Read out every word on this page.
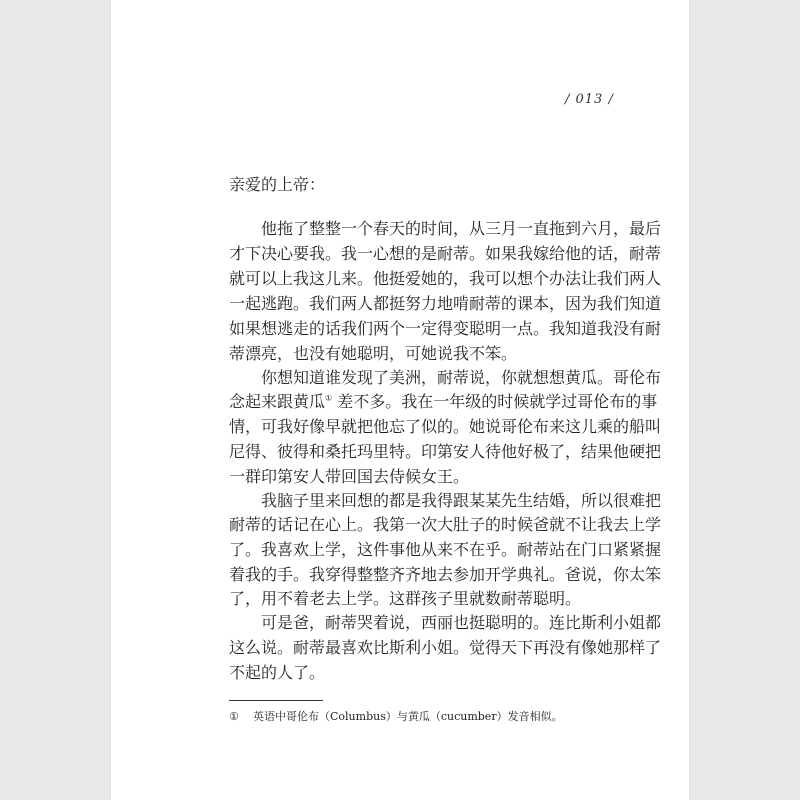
/ 013 /
亲爱的上帝：
　　他拖了整整一个春天的时间，从三月一直拖到六月，最后
才下决心要我。我一心想的是耐蒂。如果我嫁给他的话，耐蒂
就可以上我这儿来。他挺爱她的，我可以想个办法让我们两人
一起逃跑。我们两人都挺努力地啃耐蒂的课本，因为我们知道
如果想逃走的话我们两个一定得变聪明一点。我知道我没有耐
蒂漂亮，也没有她聪明，可她说我不笨。
　　你想知道谁发现了美洲，耐蒂说，你就想想黄瓜。哥伦布
念起来跟黄瓜① 差不多。我在一年级的时候就学过哥伦布的事
情，可我好像早就把他忘了似的。她说哥伦布来这儿乘的船叫
尼得、彼得和桑托玛里特。印第安人待他好极了，结果他硬把
一群印第安人带回国去侍候女王。
　　我脑子里来回想的都是我得跟某某先生结婚，所以很难把
耐蒂的话记在心上。我第一次大肚子的时候爸就不让我去上学
了。我喜欢上学，这件事他从来不在乎。耐蒂站在门口紧紧握
着我的手。我穿得整整齐齐地去参加开学典礼。爸说，你太笨
了，用不着老去上学。这群孩子里就数耐蒂聪明。
　　可是爸，耐蒂哭着说，西丽也挺聪明的。连比斯利小姐都
这么说。耐蒂最喜欢比斯利小姐。觉得天下再没有像她那样了
不起的人了。
① 英语中哥伦布（Columbus）与黄瓜（cucumber）发音相似。
